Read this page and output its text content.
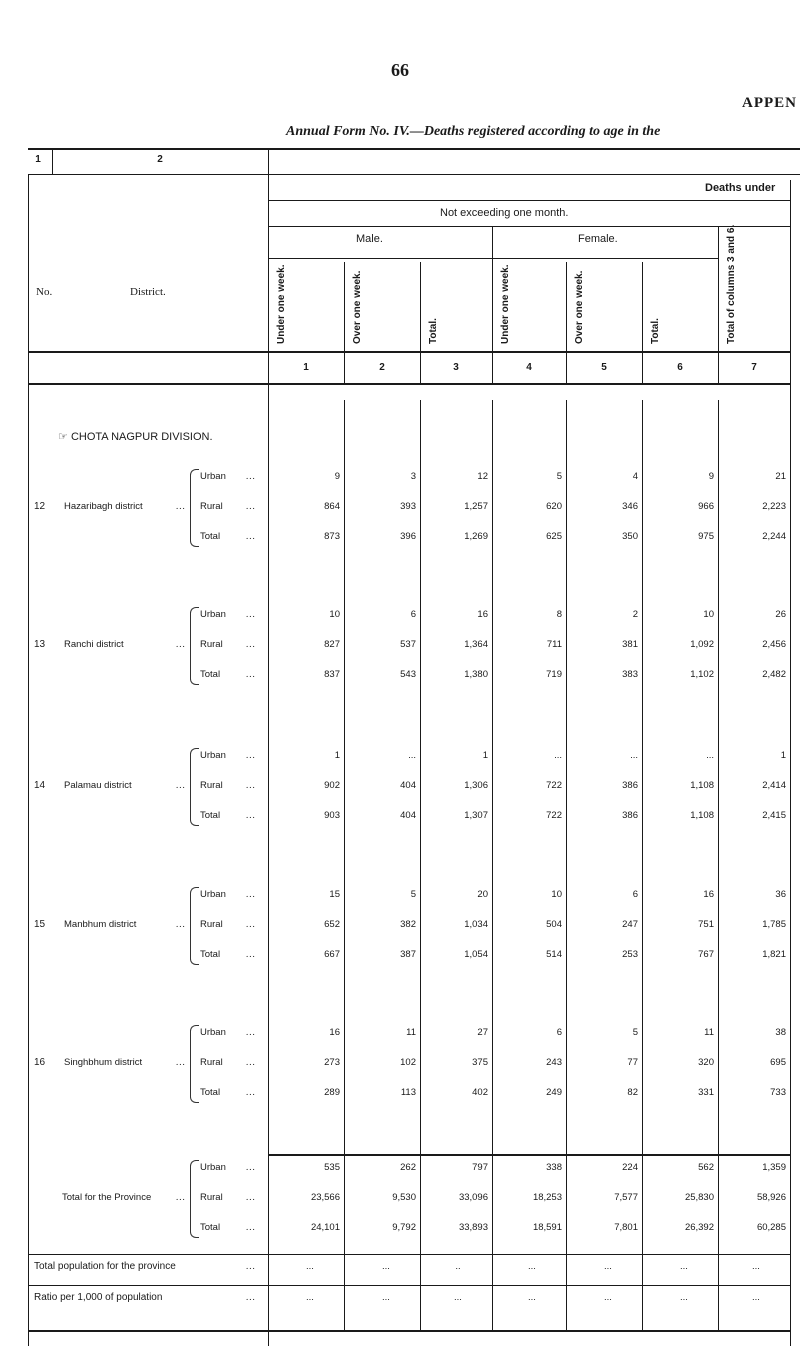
66
APPEN
Annual Form No. IV.—Deaths registered according to age in the
1	2
Deaths under
Not exceeding one month.
Male.	Female.
No.	District.	Under one week.	Over one week.	Total.	Under one week.	Over one week.	Total.	Total of columns 3 and 6.
1	2	3	4	5	6	7
☞ CHOTA NAGPUR DIVISION.
12 Hazaribagh district	...
Urban ...	9	3	12	5	4	9	21
Rural	...	864	393	1,257	620	346	966	2,223
Total	...	873	396	1,269	625	350	975	2,244
13 Ranchi district	...
Urban ...	10	6	16	8	2	10	26
Rural	...	827	537	1,364	711	381	1,092	2,456
Total	...	837	543	1,380	719	383	1,102	2,482
14 Palamau district	...
Urban ...	1	...	1	...	...	...	1
Rural	...	902	404	1,306	722	386	1,108	2,414
Total	...	903	404	1,307	722	386	1,108	2,415
15 Manbhum district	...
Urban ...	15	5	20	10	6	16	36
Rural	...	652	382	1,034	504	247	751	1,785
Total	...	667	387	1,054	514	253	767	1,821
16 Singhbhum district	...
Urban ...	16	11	27	6	5	11	38
Rural	...	273	102	375	243	77	320	695
Total	...	289	113	402	249	82	331	733
Total for the Province	...
Urban ...	535	262	797	338	224	562	1,359
Rural	...	23,566	9,530	33,096	18,253	7,577	25,830	58,926
Total	...	24,101	9,792	33,893	18,591	7,801	26,392	60,285
Total population for the province	...	...	...	..	...	...	...	...
Ratio per 1,000 of population	...	...	...	...	...	...	...	...
